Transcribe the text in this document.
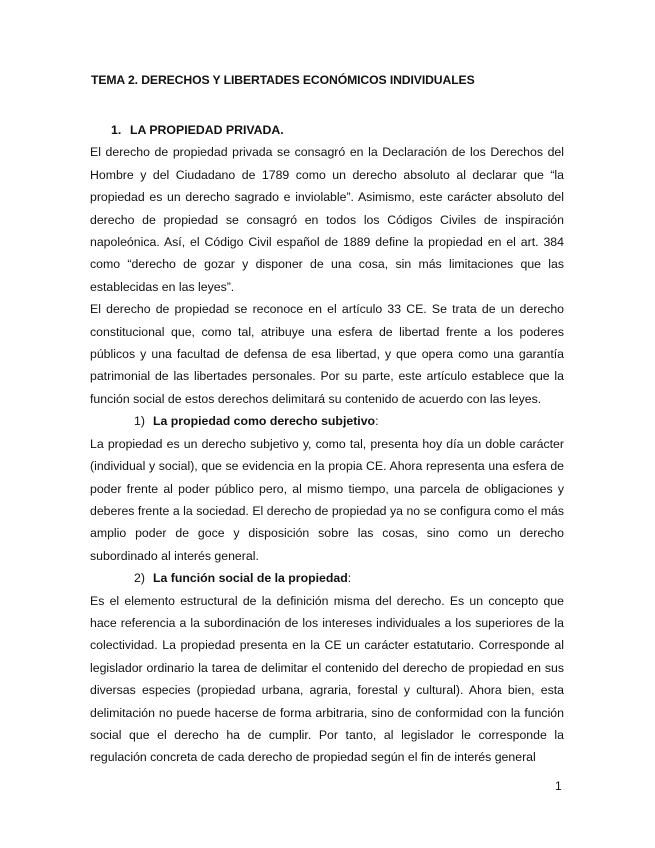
TEMA 2. DERECHOS Y LIBERTADES ECONÓMICOS INDIVIDUALES

1. LA PROPIEDAD PRIVADA.

El derecho de propiedad privada se consagró en la Declaración de los Derechos del Hombre y del Ciudadano de 1789 como un derecho absoluto al declarar que “la propiedad es un derecho sagrado e inviolable”. Asimismo, este carácter absoluto del derecho de propiedad se consagró en todos los Códigos Civiles de inspiración napoleónica. Así, el Código Civil español de 1889 define la propiedad en el art. 384 como “derecho de gozar y disponer de una cosa, sin más limitaciones que las establecidas en las leyes”.

El derecho de propiedad se reconoce en el artículo 33 CE. Se trata de un derecho constitucional que, como tal, atribuye una esfera de libertad frente a los poderes públicos y una facultad de defensa de esa libertad, y que opera como una garantía patrimonial de las libertades personales. Por su parte, este artículo establece que la función social de estos derechos delimitará su contenido de acuerdo con las leyes.

1) La propiedad como derecho subjetivo:

La propiedad es un derecho subjetivo y, como tal, presenta hoy día un doble carácter (individual y social), que se evidencia en la propia CE. Ahora representa una esfera de poder frente al poder público pero, al mismo tiempo, una parcela de obligaciones y deberes frente a la sociedad. El derecho de propiedad ya no se configura como el más amplio poder de goce y disposición sobre las cosas, sino como un derecho subordinado al interés general.

2) La función social de la propiedad:

Es el elemento estructural de la definición misma del derecho. Es un concepto que hace referencia a la subordinación de los intereses individuales a los superiores de la colectividad. La propiedad presenta en la CE un carácter estatutario. Corresponde al legislador ordinario la tarea de delimitar el contenido del derecho de propiedad en sus diversas especies (propiedad urbana, agraria, forestal y cultural). Ahora bien, esta delimitación no puede hacerse de forma arbitraria, sino de conformidad con la función social que el derecho ha de cumplir. Por tanto, al legislador le corresponde la regulación concreta de cada derecho de propiedad según el fin de interés general

1
